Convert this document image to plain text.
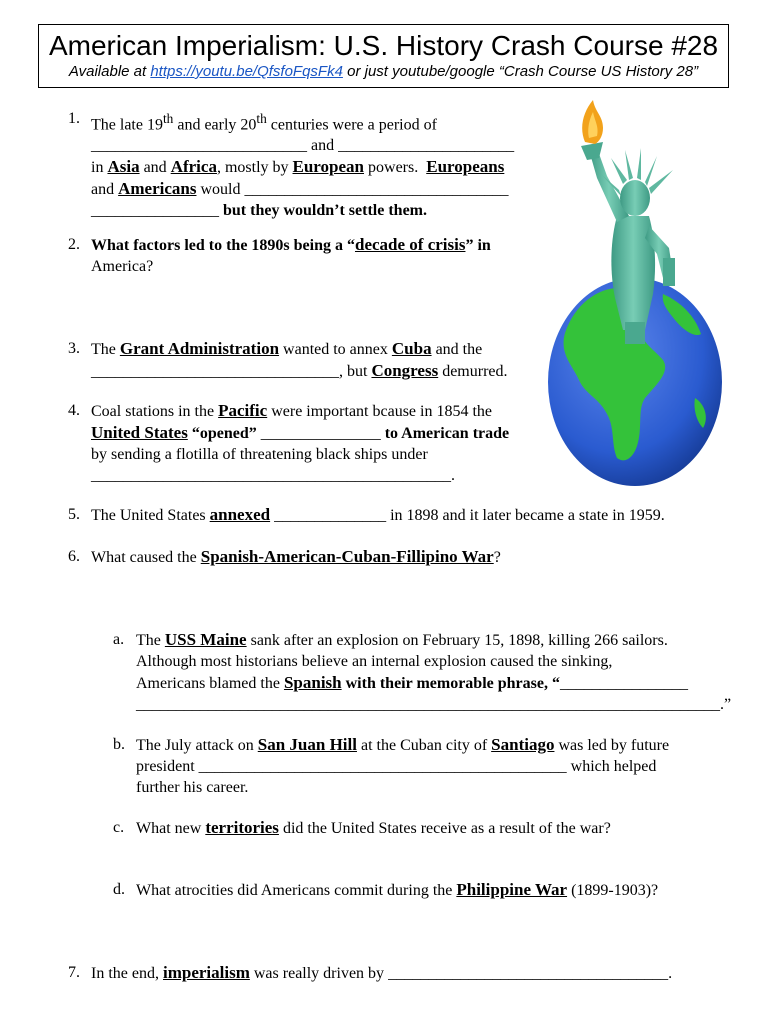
American Imperialism: U.S. History Crash Course #28
Available at https://youtu.be/QfsfoFqsFk4 or just youtube/google “Crash Course US History 28”
1. The late 19th and early 20th centuries were a period of
___________________________ and ______________________
in Asia and Africa, mostly by European powers.  Europeans
and Americans would _________________________________
________________ but they wouldn’t settle them.
2. What factors led to the 1890s being a “decade of crisis” in
America?
3. The Grant Administration wanted to annex Cuba and the
_______________________________, but Congress demurred.
4. Coal stations in the Pacific were important bcause in 1854 the
United States “opened” _______________ to American trade
by sending a flotilla of threatening black ships under
_____________________________________________.
5. The United States annexed ______________ in 1898 and it later became a state in 1959.
6. What caused the Spanish-American-Cuban-Fillipino War?
a. The USS Maine sank after an explosion on February 15, 1898, killing 266 sailors.
Although most historians believe an internal explosion caused the sinking,
Americans blamed the Spanish with their memorable phrase, “________________
_________________________________________________________________________.”
b. The July attack on San Juan Hill at the Cuban city of Santiago was led by future
president ______________________________________________ which helped
further his career.
c. What new territories did the United States receive as a result of the war?
d. What atrocities did Americans commit during the Philippine War (1899-1903)?
7. In the end, imperialism was really driven by ___________________________________.
